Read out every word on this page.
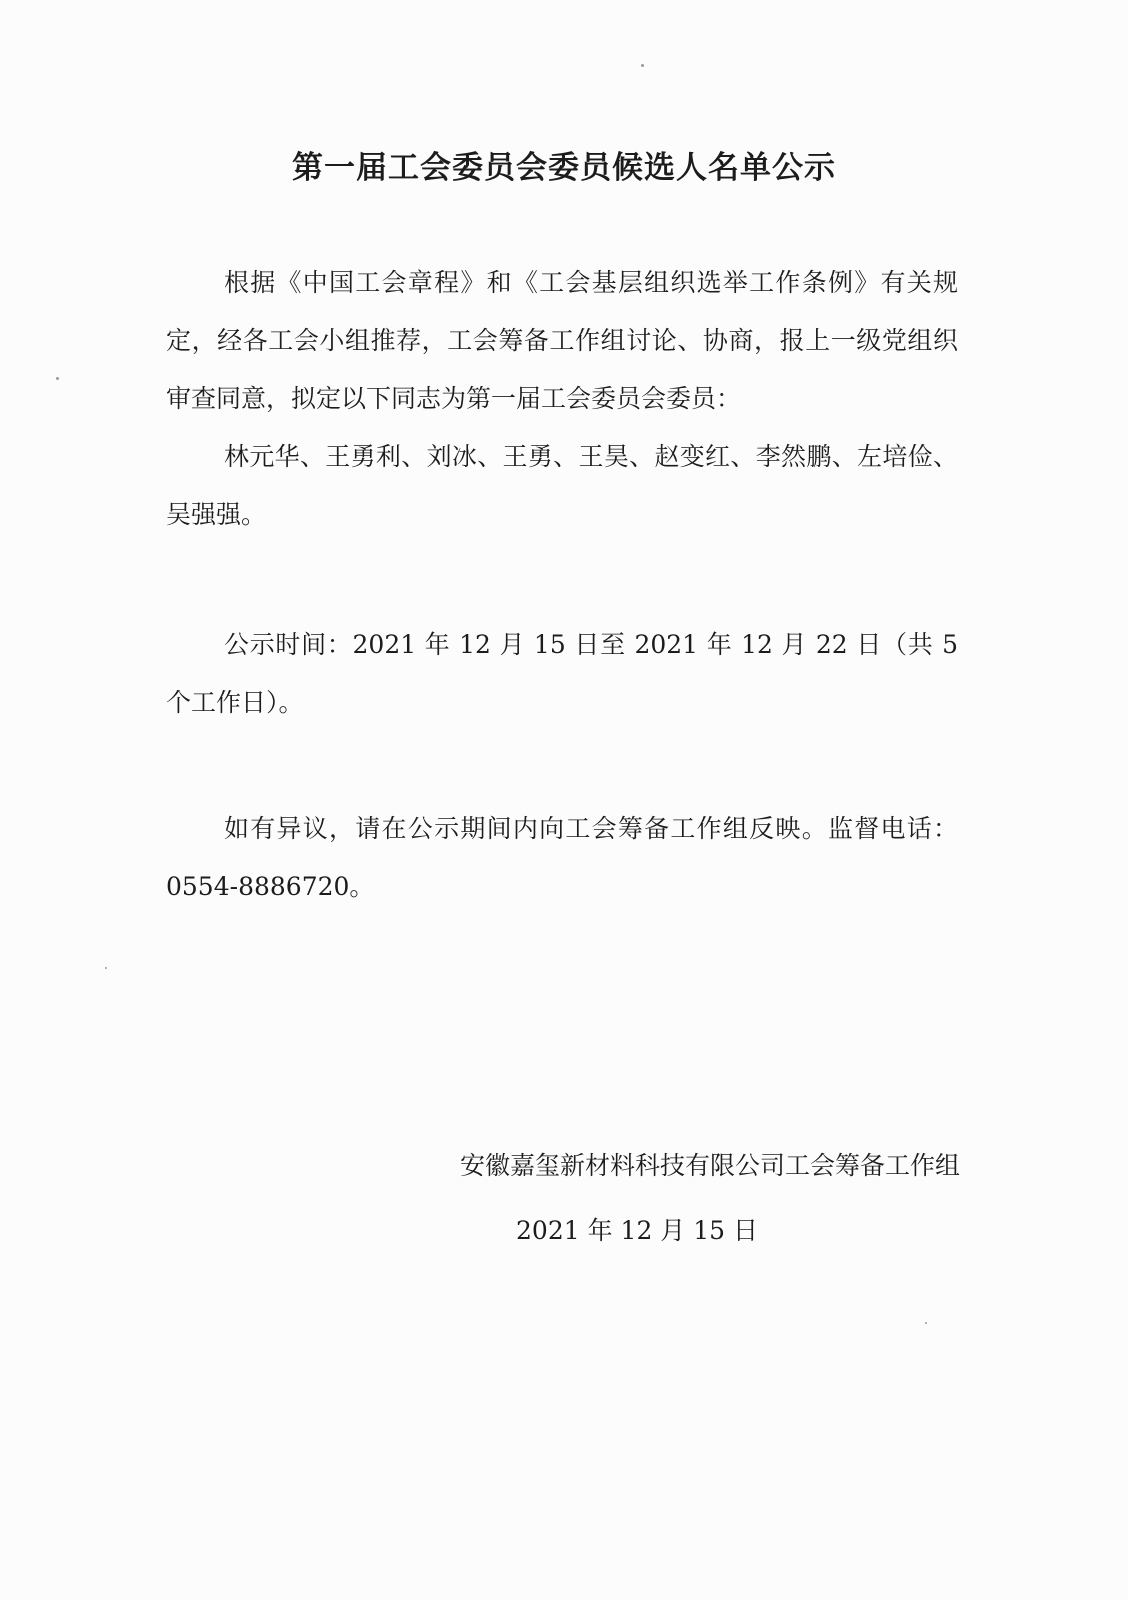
第一届工会委员会委员候选人名单公示

根据《中国工会章程》和《工会基层组织选举工作条例》有关规定，经各工会小组推荐，工会筹备工作组讨论、协商，报上一级党组织审查同意，拟定以下同志为第一届工会委员会委员：

林元华、王勇利、刘冰、王勇、王昊、赵变红、李然鹏、左培俭、吴强强。

公示时间：2021 年 12 月 15 日至 2021 年 12 月 22 日（共 5 个工作日）。

如有异议，请在公示期间内向工会筹备工作组反映。监督电话：0554-8886720。

安徽嘉玺新材料科技有限公司工会筹备工作组
2021 年 12 月 15 日
